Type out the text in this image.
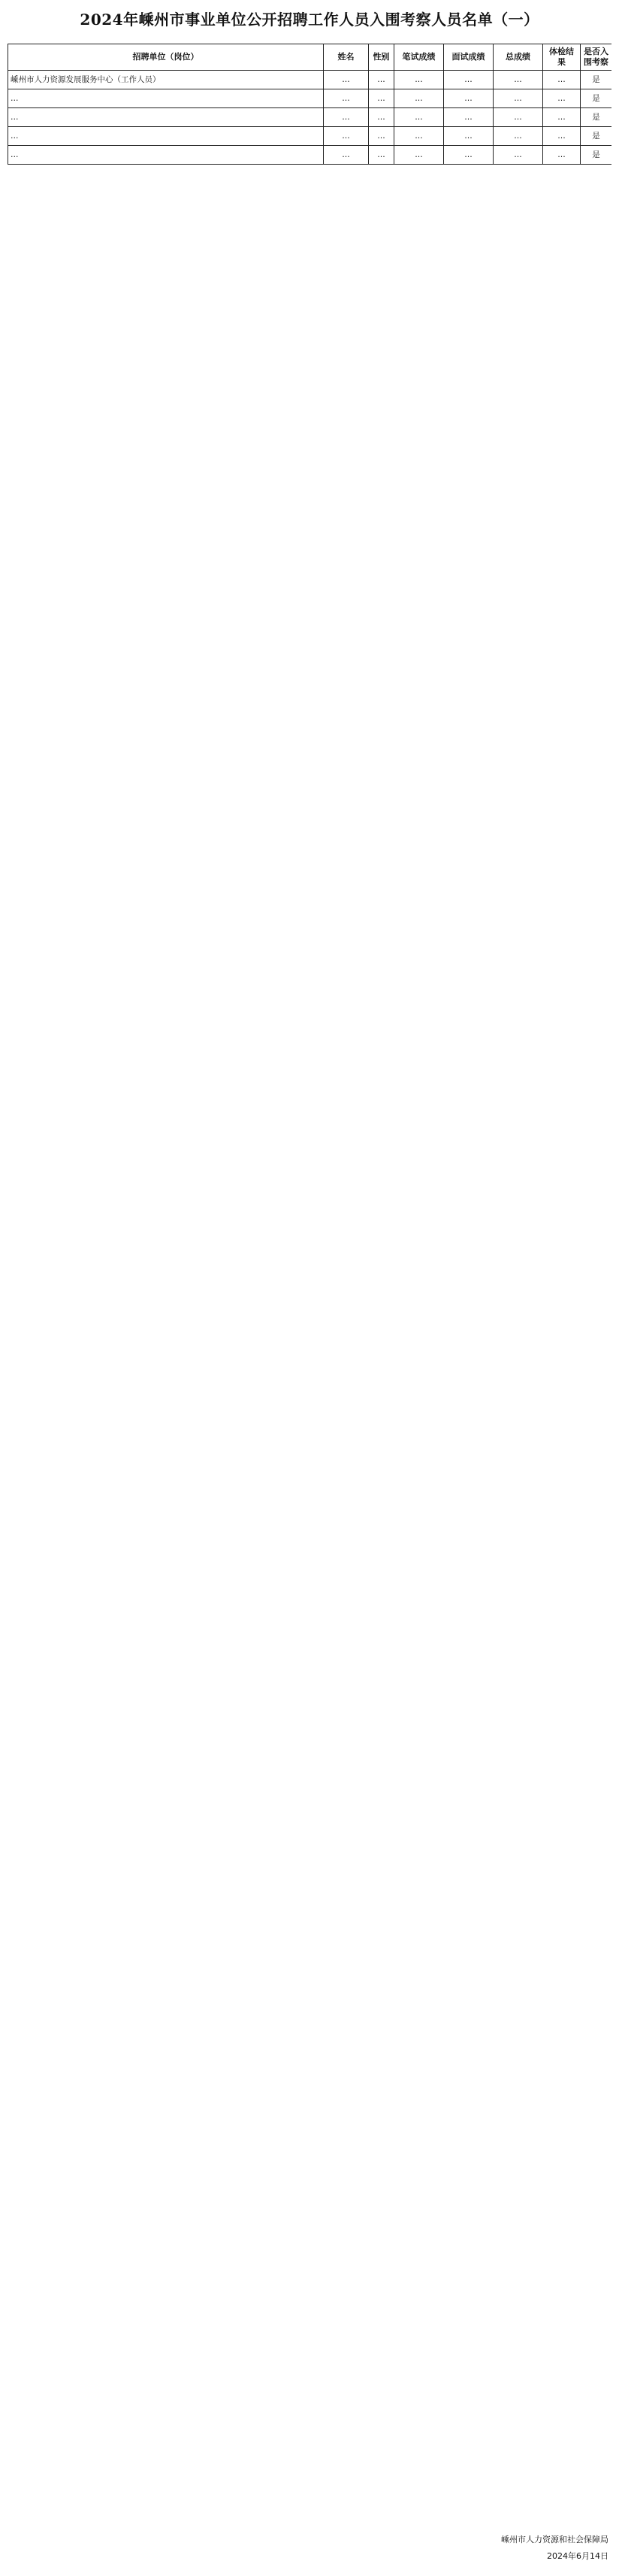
2024年嵊州市事业单位公开招聘工作人员入围考察人员名单（一）
招聘单位（岗位）	姓名	性别	笔试成绩	面试成绩	总成绩	体检结果	是否入围考察
嵊州市人力资源发展服务中心（工作人员）	…	…	…	…	…	…	是
…	…	…	…	…	…	…	是
…	…	…	…	…	…	…	是
…	…	…	…	…	…	…	是
…	…	…	…	…	…	…	是
嵊州市人力资源和社会保障局
2024年6月14日
